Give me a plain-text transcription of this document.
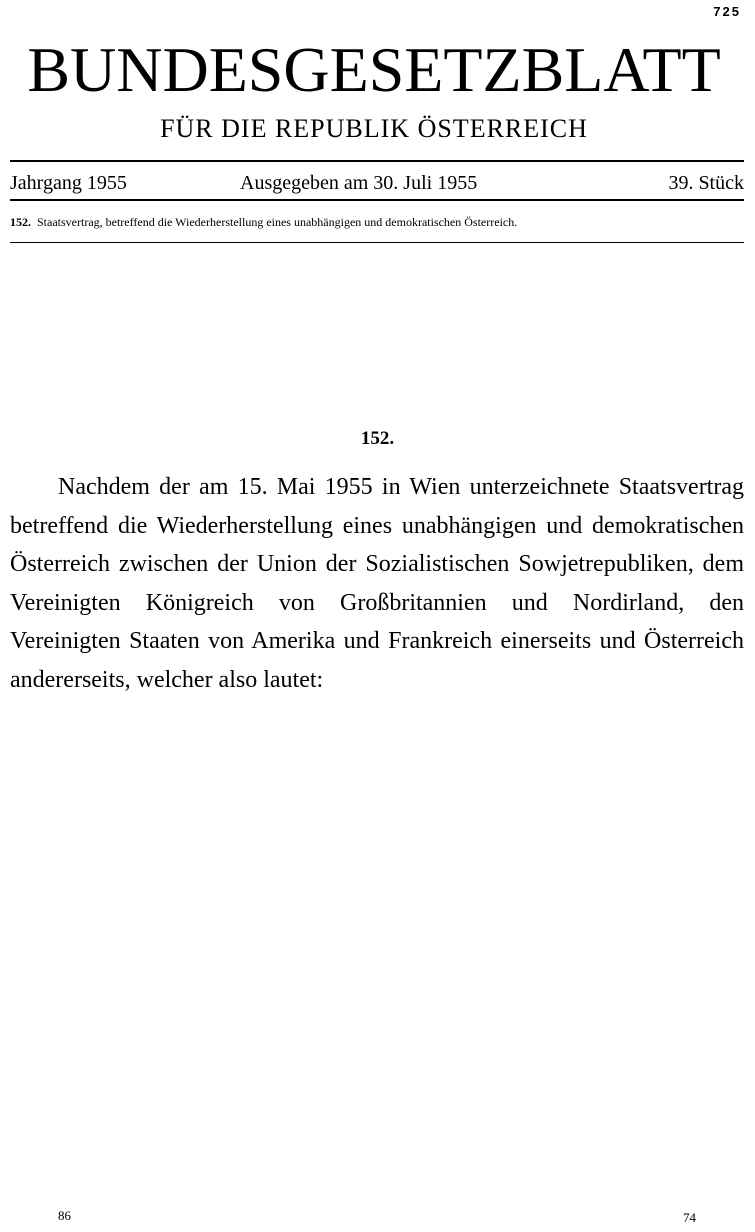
725
BUNDESGESETZBLATT
FÜR DIE REPUBLIK ÖSTERREICH
Jahrgang 1955	Ausgegeben am 30. Juli 1955	39. Stück
152. Staatsvertrag, betreffend die Wiederherstellung eines unabhängigen und demokratischen Österreich.
152.

Nachdem der am 15. Mai 1955 in Wien unterzeichnete Staatsvertrag betreffend die Wiederherstellung eines unabhängigen und demokratischen Österreich zwischen der Union der Sozialistischen Sowjetrepubliken, dem Vereinigten Königreich von Großbritannien und Nordirland, den Vereinigten Staaten von Amerika und Frankreich einerseits und Österreich andererseits, welcher also lautet:

86	74
